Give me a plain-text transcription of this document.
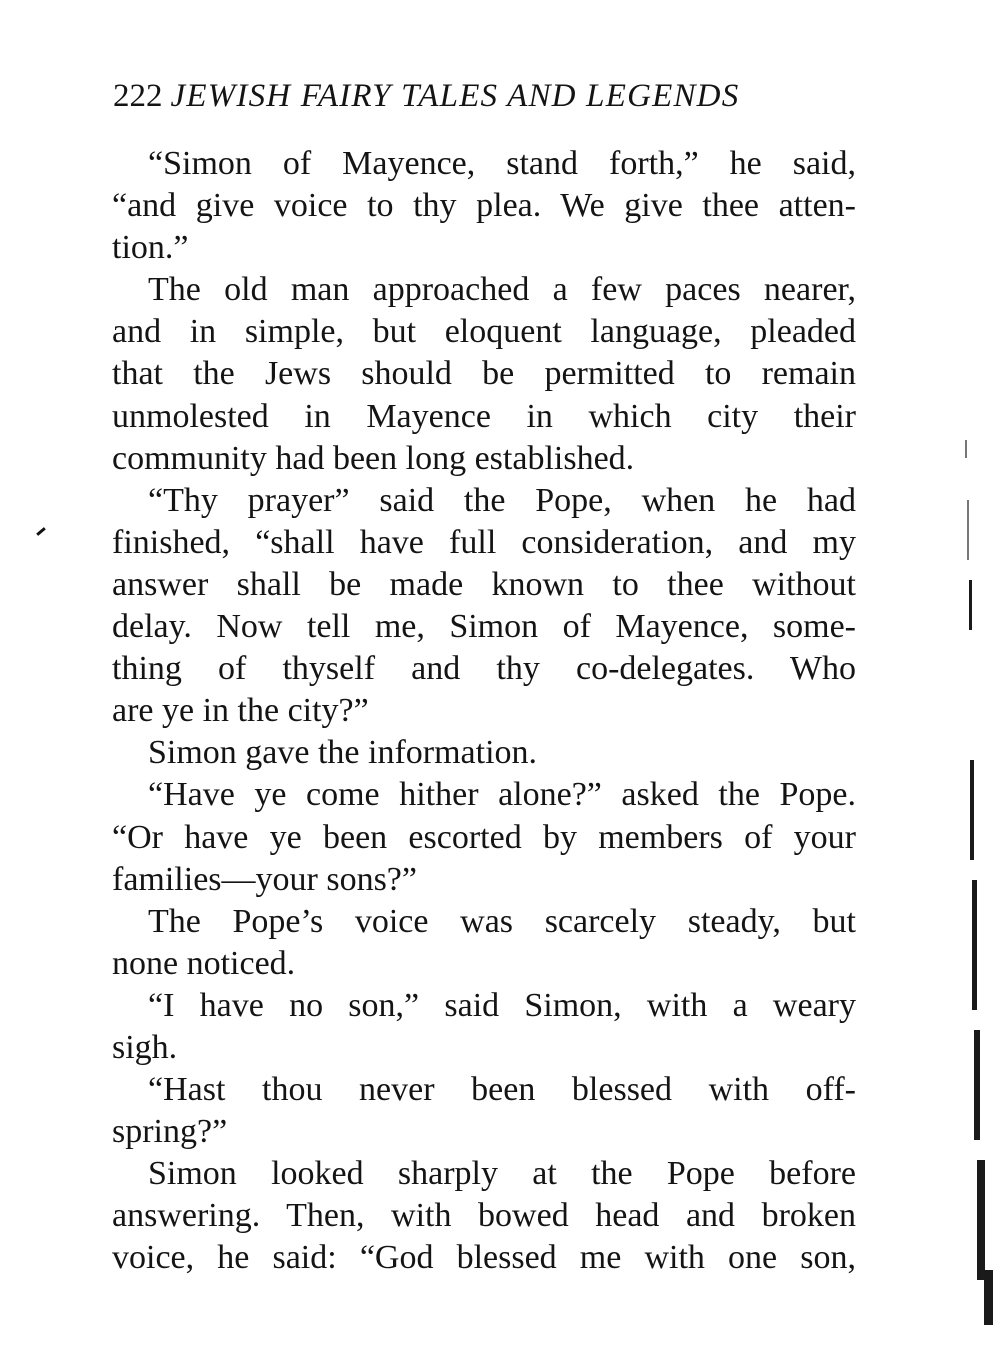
222 JEWISH FAIRY TALES AND LEGENDS
“Simon of Mayence, stand forth,” he said,
“and give voice to thy plea. We give thee atten-
tion.”
The old man approached a few paces nearer,
and in simple, but eloquent language, pleaded
that the Jews should be permitted to remain
unmolested in Mayence in which city their
community had been long established.
“Thy prayer” said the Pope, when he had
finished, “shall have full consideration, and my
answer shall be made known to thee without
delay. Now tell me, Simon of Mayence, some-
thing of thyself and thy co-delegates. Who
are ye in the city?”
Simon gave the information.
“Have ye come hither alone?” asked the Pope.
“Or have ye been escorted by members of your
families—your sons?”
The Pope’s voice was scarcely steady, but
none noticed.
“I have no son,” said Simon, with a weary
sigh.
“Hast thou never been blessed with off-
spring?”
Simon looked sharply at the Pope before
answering. Then, with bowed head and broken
voice, he said: “God blessed me with one son,
